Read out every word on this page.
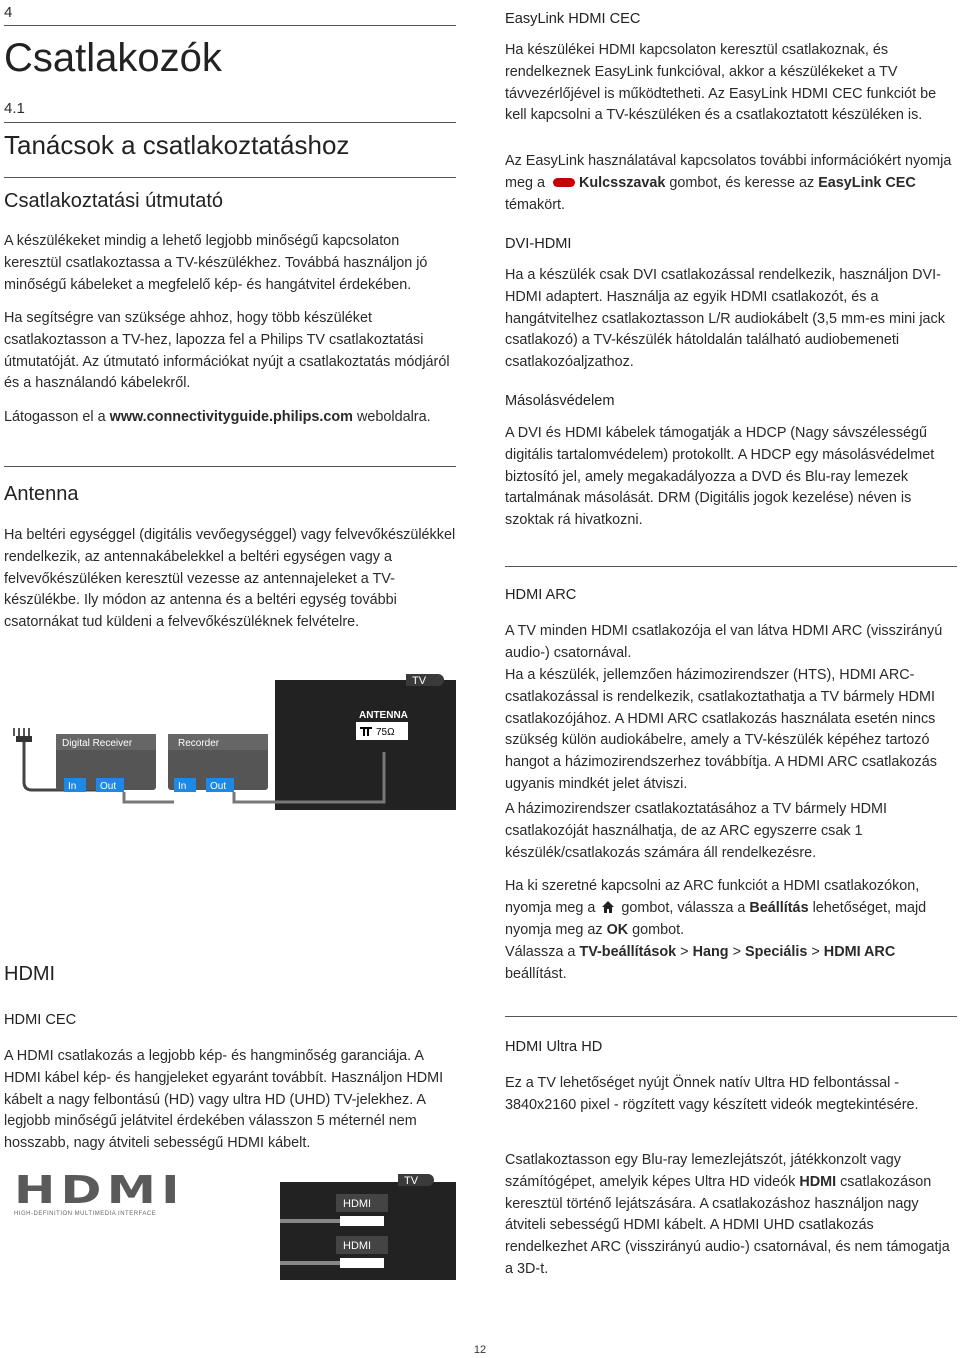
4
Csatlakozók
4.1
Tanácsok a csatlakoztatáshoz
Csatlakoztatási útmutató

A készülékeket mindig a lehető legjobb minőségű kapcsolaton keresztül csatlakoztassa a TV-készülékhez. Továbbá használjon jó minőségű kábeleket a megfelelő kép- és hangátvitel érdekében.

Ha segítségre van szüksége ahhoz, hogy több készüléket csatlakoztasson a TV-hez, lapozza fel a Philips TV csatlakoztatási útmutatóját. Az útmutató információkat nyújt a csatlakoztatás módjáról és a használandó kábelekről.

Látogasson el a www.connectivityguide.philips.com weboldalra.

Antenna

Ha beltéri egységgel (digitális vevőegységgel) vagy felvevőkészülékkel rendelkezik, az antennakábelekkel a beltéri egységen vagy a felvevőkészüléken keresztül vezesse az antennajeleket a TV-készülékbe. Ily módon az antenna és a beltéri egység további csatornákat tud küldeni a felvevőkészüléknek felvételre.

TV
ANTENNA
75Ω
Digital Receiver
In Out
Recorder
In Out
HDMI
HDMI CEC

A HDMI csatlakozás a legjobb kép- és hangminőség garanciája. A HDMI kábel kép- és hangjeleket egyaránt továbbít. Használjon HDMI kábelt a nagy felbontású (HD) vagy ultra HD (UHD) TV-jelekhez. A legjobb minőségű jelátvitel érdekében válasszon 5 méternél nem hosszabb, nagy átviteli sebességű HDMI kábelt.

HDMI
HIGH-DEFINITION MULTIMEDIA INTERFACE
TV
HDMI
HDMI
EasyLink HDMI CEC

Ha készülékei HDMI kapcsolaton keresztül csatlakoznak, és rendelkeznek EasyLink funkcióval, akkor a készülékeket a TV távvezérlőjével is működtetheti. Az EasyLink HDMI CEC funkciót be kell kapcsolni a TV-készüléken és a csatlakoztatott készüléken is.

Az EasyLink használatával kapcsolatos további információkért nyomja meg a Kulcsszavak gombot, és keresse az EasyLink CEC témakört.

DVI-HDMI

Ha a készülék csak DVI csatlakozással rendelkezik, használjon DVI-HDMI adaptert. Használja az egyik HDMI csatlakozót, és a hangátvitelhez csatlakoztasson L/R audiokábelt (3,5 mm-es mini jack csatlakozó) a TV-készülék hátoldalán található audiobemeneti csatlakozóaljzathoz.

Másolásvédelem

A DVI és HDMI kábelek támogatják a HDCP (Nagy sávszélességű digitális tartalomvédelem) protokollt. A HDCP egy másolásvédelmet biztosító jel, amely megakadályozza a DVD és Blu-ray lemezek tartalmának másolását. DRM (Digitális jogok kezelése) néven is szoktak rá hivatkozni.

HDMI ARC

A TV minden HDMI csatlakozója el van látva HDMI ARC (visszirányú audio-) csatornával.

Ha a készülék, jellemzően házimozirendszer (HTS), HDMI ARC-csatlakozással is rendelkezik, csatlakoztathatja a TV bármely HDMI csatlakozójához. A HDMI ARC csatlakozás használata esetén nincs szükség külön audiokábelre, amely a TV-készülék képéhez tartozó hangot a házimozirendszerhez továbbítja. A HDMI ARC csatlakozás ugyanis mindkét jelet átviszi.

A házimozirendszer csatlakoztatásához a TV bármely HDMI csatlakozóját használhatja, de az ARC egyszerre csak 1 készülék/csatlakozás számára áll rendelkezésre.

Ha ki szeretné kapcsolni az ARC funkciót a HDMI csatlakozókon, nyomja meg a  gombot, válassza a Beállítás lehetőséget, majd nyomja meg az OK gombot.

Válassza a TV-beállítások > Hang > Speciális > HDMI ARC beállítást.

HDMI Ultra HD

Ez a TV lehetőséget nyújt Önnek natív Ultra HD felbontással - 3840x2160 pixel - rögzített vagy készített videók megtekintésére.

Csatlakoztasson egy Blu-ray lemezlejátszót, játékkonzolt vagy számítógépet, amelyik képes Ultra HD videók HDMI csatlakozáson keresztül történő lejátszására. A csatlakozáshoz használjon nagy átviteli sebességű HDMI kábelt. A HDMI UHD csatlakozás rendelkezhet ARC (visszirányú audio-) csatornával, és nem támogatja a 3D-t.

12
